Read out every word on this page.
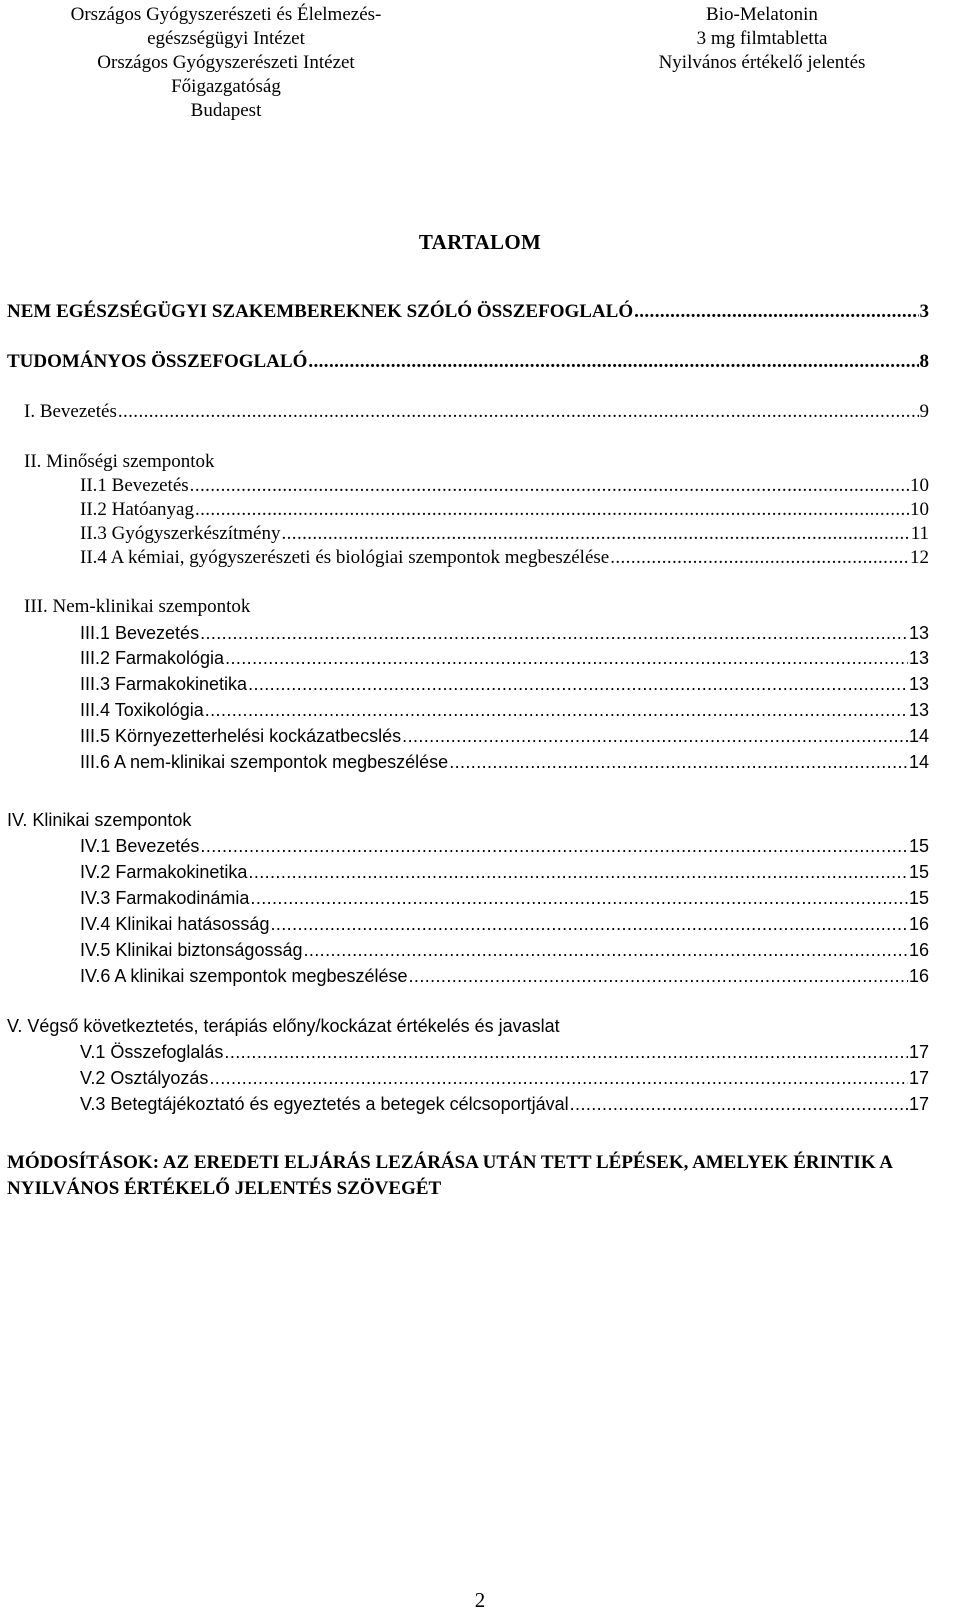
Országos Gyógyszerészeti és Élelmezés-
egészségügyi Intézet
Országos Gyógyszerészeti Intézet
Főigazgatóság
Budapest
Bio-Melatonin
3 mg filmtabletta
Nyilvános értékelő jelentés
TARTALOM
NEM EGÉSZSÉGÜGYI SZAKEMBEREKNEK SZÓLÓ ÖSSZEFOGLALÓ .....	3
TUDOMÁNYOS ÖSSZEFOGLALÓ .....	8
I. Bevezetés .....	9
II. Minőségi szempontok
II.1 Bevezetés .....	10
II.2 Hatóanyag .....	10
II.3 Gyógyszerkészítmény .....	11
II.4 A kémiai, gyógyszerészeti és biológiai szempontok megbeszélése .....	12
III. Nem-klinikai szempontok
III.1 Bevezetés .....	13
III.2 Farmakológia .....	13
III.3 Farmakokinetika .....	13
III.4 Toxikológia .....	13
III.5 Környezetterhelési kockázatbecslés .....	14
III.6 A nem-klinikai szempontok megbeszélése .....	14
IV. Klinikai szempontok
IV.1 Bevezetés .....	15
IV.2 Farmakokinetika .....	15
IV.3 Farmakodinámia .....	15
IV.4 Klinikai hatásosság .....	16
IV.5 Klinikai biztonságosság .....	16
IV.6 A klinikai szempontok megbeszélése .....	16
V. Végső következtetés, terápiás előny/kockázat értékelés és javaslat
V.1 Összefoglalás .....	17
V.2 Osztályozás .....	17
V.3 Betegtájékoztató és egyeztetés a betegek célcsoportjával .....	17
MÓDOSÍTÁSOK: AZ EREDETI ELJÁRÁS LEZÁRÁSA UTÁN TETT LÉPÉSEK, AMELYEK ÉRINTIK A NYILVÁNOS ÉRTÉKELŐ JELENTÉS SZÖVEGÉT
2
